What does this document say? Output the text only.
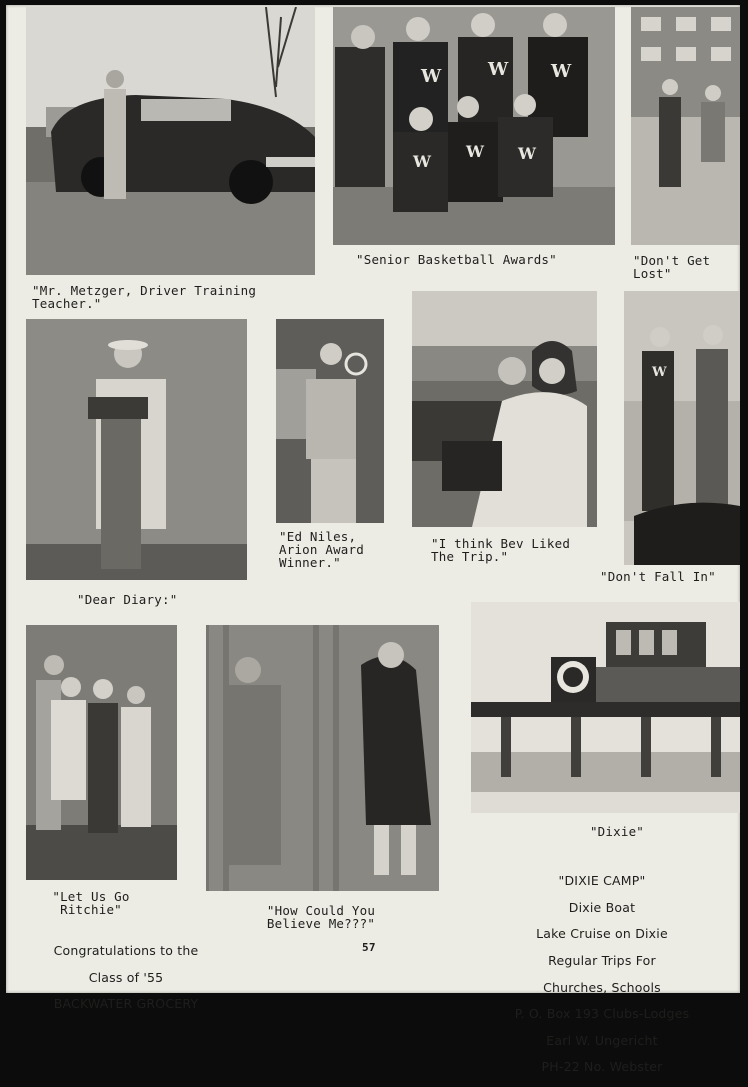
W	W W
W
W W
"Mr. Metzger, Driver Training
Teacher."
"Senior Basketball Awards"	"Don't Get
Lost"
W
"Ed Niles,
Arion Award
Winner."
"I think Bev Liked
The Trip."
"Don't Fall In"
"Dear Diary:"
"Dixie"
"Let Us Go
Ritchie"	"How Could You
Believe Me???"

Congratulations to the

Class of '55

BACKWATER GROCERY

57

"DIXIE CAMP"

Dixie Boat

Lake Cruise on Dixie

Regular Trips For

Churches, Schools

P. O. Box 193 Clubs-Lodges

Earl W. Ungericht

PH-22 No. Webster
